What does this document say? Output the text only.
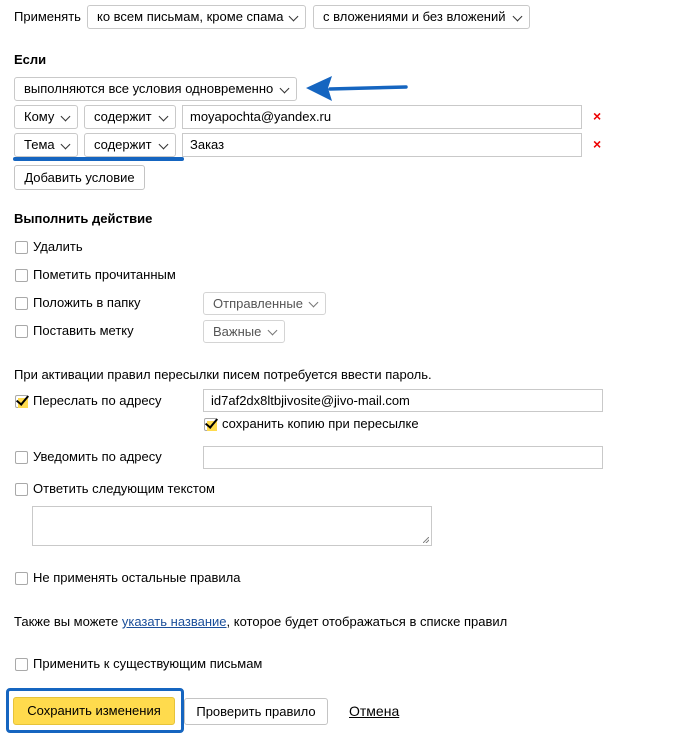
Применять	ко всем письмам, кроме спама	с вложениями и без вложений
Если
выполняются все условия одновременно
Кому	содержит	moyapochta@yandex.ru	×
Тема	содержит	Заказ	×
Добавить условие
Выполнить действие
Удалить
Пометить прочитанным
Положить в папку	Отправленные
Поставить метку	Важные
При активации правил пересылки писем потребуется ввести пароль.
Переслать по адресу	id7af2dx8ltbjivosite@jivo-mail.com
сохранить копию при пересылке
Уведомить по адресу
Ответить следующим текстом
Не применять остальные правила
Также вы можете указать название, которое будет отображаться в списке правил
Применить к существующим письмам
Сохранить изменения	Проверить правило	Отмена
